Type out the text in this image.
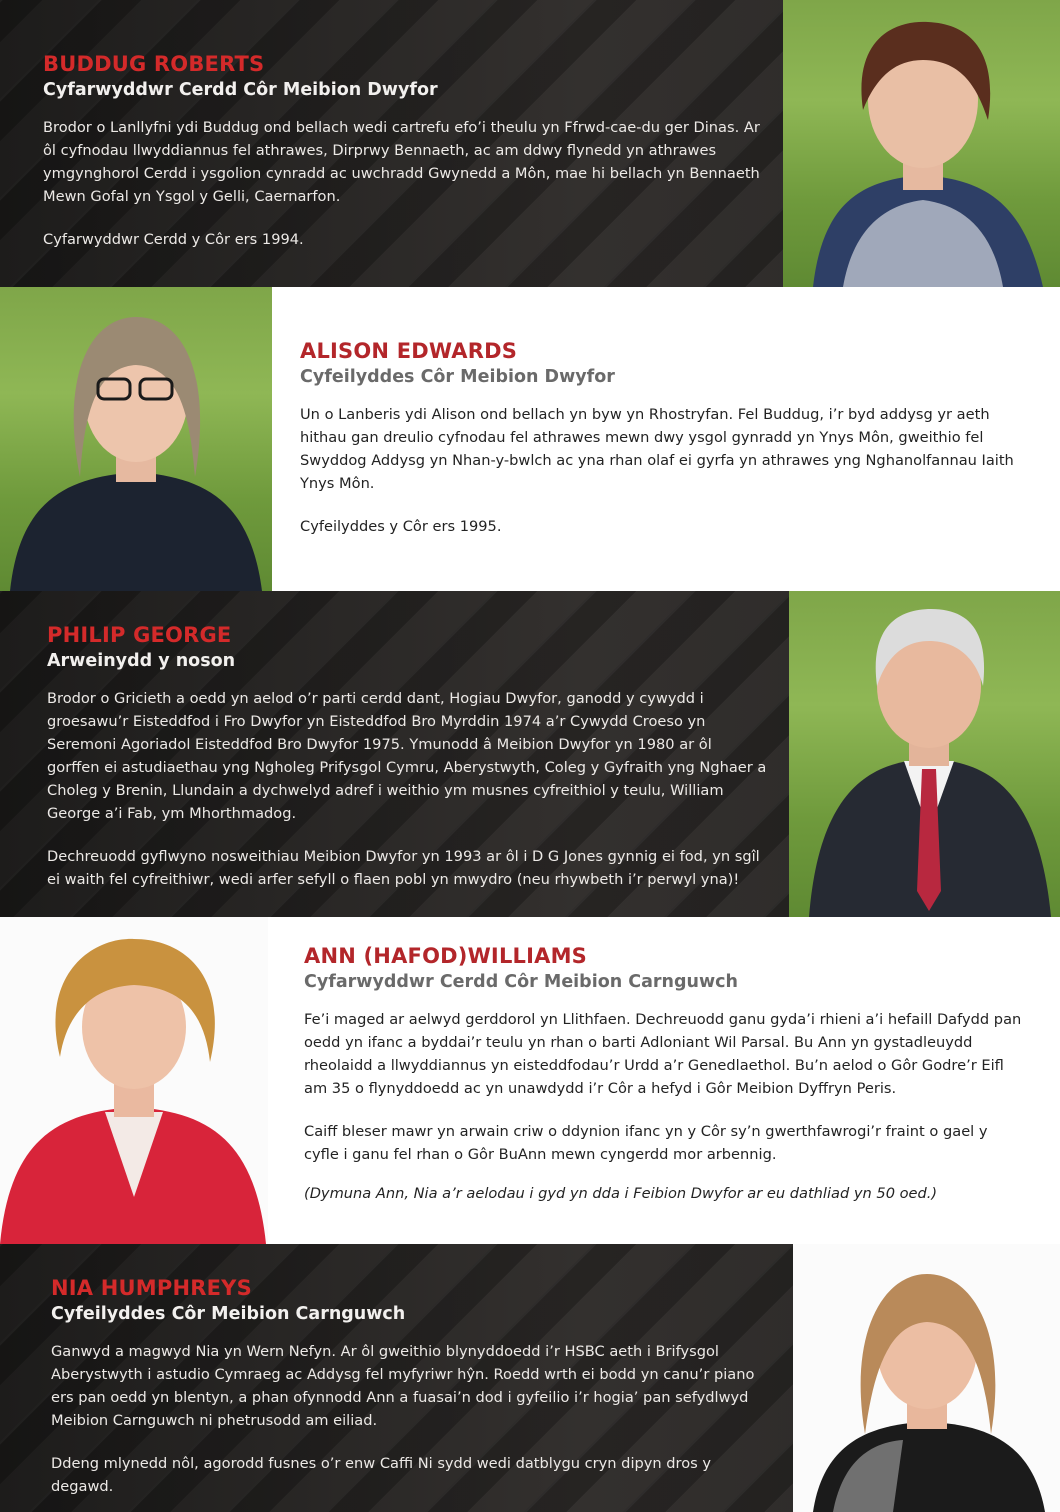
BUDDUG ROBERTS
Cyfarwyddwr Cerdd Côr Meibion Dwyfor

Brodor o Lanllyfni ydi Buddug ond bellach wedi cartrefu efo’i theulu yn Ffrwd-cae-du ger Dinas. Ar ôl cyfnodau llwyddiannus fel athrawes, Dirprwy Bennaeth, ac am ddwy flynedd yn athrawes ymgynghorol Cerdd i ysgolion cynradd ac uwchradd Gwynedd a Môn, mae hi bellach yn Bennaeth Mewn Gofal yn Ysgol y Gelli, Caernarfon.

Cyfarwyddwr Cerdd y Côr ers 1994.

ALISON EDWARDS
Cyfeilyddes Côr Meibion Dwyfor

Un o Lanberis ydi Alison ond bellach yn byw yn Rhostryfan. Fel Buddug, i’r byd addysg yr aeth hithau gan dreulio cyfnodau fel athrawes mewn dwy ysgol gynradd yn Ynys Môn, gweithio fel Swyddog Addysg yn Nhan-y-bwlch ac yna rhan olaf ei gyrfa yn athrawes yng Nghanolfannau Iaith Ynys Môn.

Cyfeilyddes y Côr ers 1995.

PHILIP GEORGE
Arweinydd y noson

Brodor o Gricieth a oedd yn aelod o’r parti cerdd dant, Hogiau Dwyfor, ganodd y cywydd i groesawu’r Eisteddfod i Fro Dwyfor yn Eisteddfod Bro Myrddin 1974 a’r Cywydd Croeso yn Seremoni Agoriadol Eisteddfod Bro Dwyfor 1975. Ymunodd â Meibion Dwyfor yn 1980 ar ôl gorffen ei astudiaethau yng Ngholeg Prifysgol Cymru, Aberystwyth, Coleg y Gyfraith yng Nghaer a Choleg y Brenin, Llundain a dychwelyd adref i weithio ym musnes cyfreithiol y teulu, William George a’i Fab, ym Mhorthmadog.

Dechreuodd gyflwyno nosweithiau Meibion Dwyfor yn 1993 ar ôl i D G Jones gynnig ei fod, yn sgîl ei waith fel cyfreithiwr, wedi arfer sefyll o flaen pobl yn mwydro (neu rhywbeth i’r perwyl yna)!

ANN (HAFOD)WILLIAMS
Cyfarwyddwr Cerdd Côr Meibion Carnguwch

Fe’i maged ar aelwyd gerddorol yn Llithfaen. Dechreuodd ganu gyda’i rhieni a’i hefaill Dafydd pan oedd yn ifanc a byddai’r teulu yn rhan o barti Adloniant Wil Parsal. Bu Ann yn gystadleuydd rheolaidd a llwyddiannus yn eisteddfodau’r Urdd a’r Genedlaethol. Bu’n aelod o Gôr Godre’r Eifl am 35 o flynyddoedd ac yn unawdydd i’r Côr a hefyd i Gôr Meibion Dyffryn Peris.

Caiff bleser mawr yn arwain criw o ddynion ifanc yn y Côr sy’n gwerthfawrogi’r fraint o gael y cyfle i ganu fel rhan o Gôr BuAnn mewn cyngerdd mor arbennig.

(Dymuna Ann, Nia a’r aelodau i gyd yn dda i Feibion Dwyfor ar eu dathliad yn 50 oed.)

NIA HUMPHREYS
Cyfeilyddes Côr Meibion Carnguwch

Ganwyd a magwyd Nia yn Wern Nefyn. Ar ôl gweithio blynyddoedd i’r HSBC aeth i Brifysgol Aberystwyth i astudio Cymraeg ac Addysg fel myfyriwr hŷn. Roedd wrth ei bodd yn canu’r piano ers pan oedd yn blentyn, a phan ofynnodd Ann a fuasai’n dod i gyfeilio i’r hogia’ pan sefydlwyd Meibion Carnguwch ni phetrusodd am eiliad.

Ddeng mlynedd nôl, agorodd fusnes o’r enw Caffi Ni sydd wedi datblygu cryn dipyn dros y degawd.
